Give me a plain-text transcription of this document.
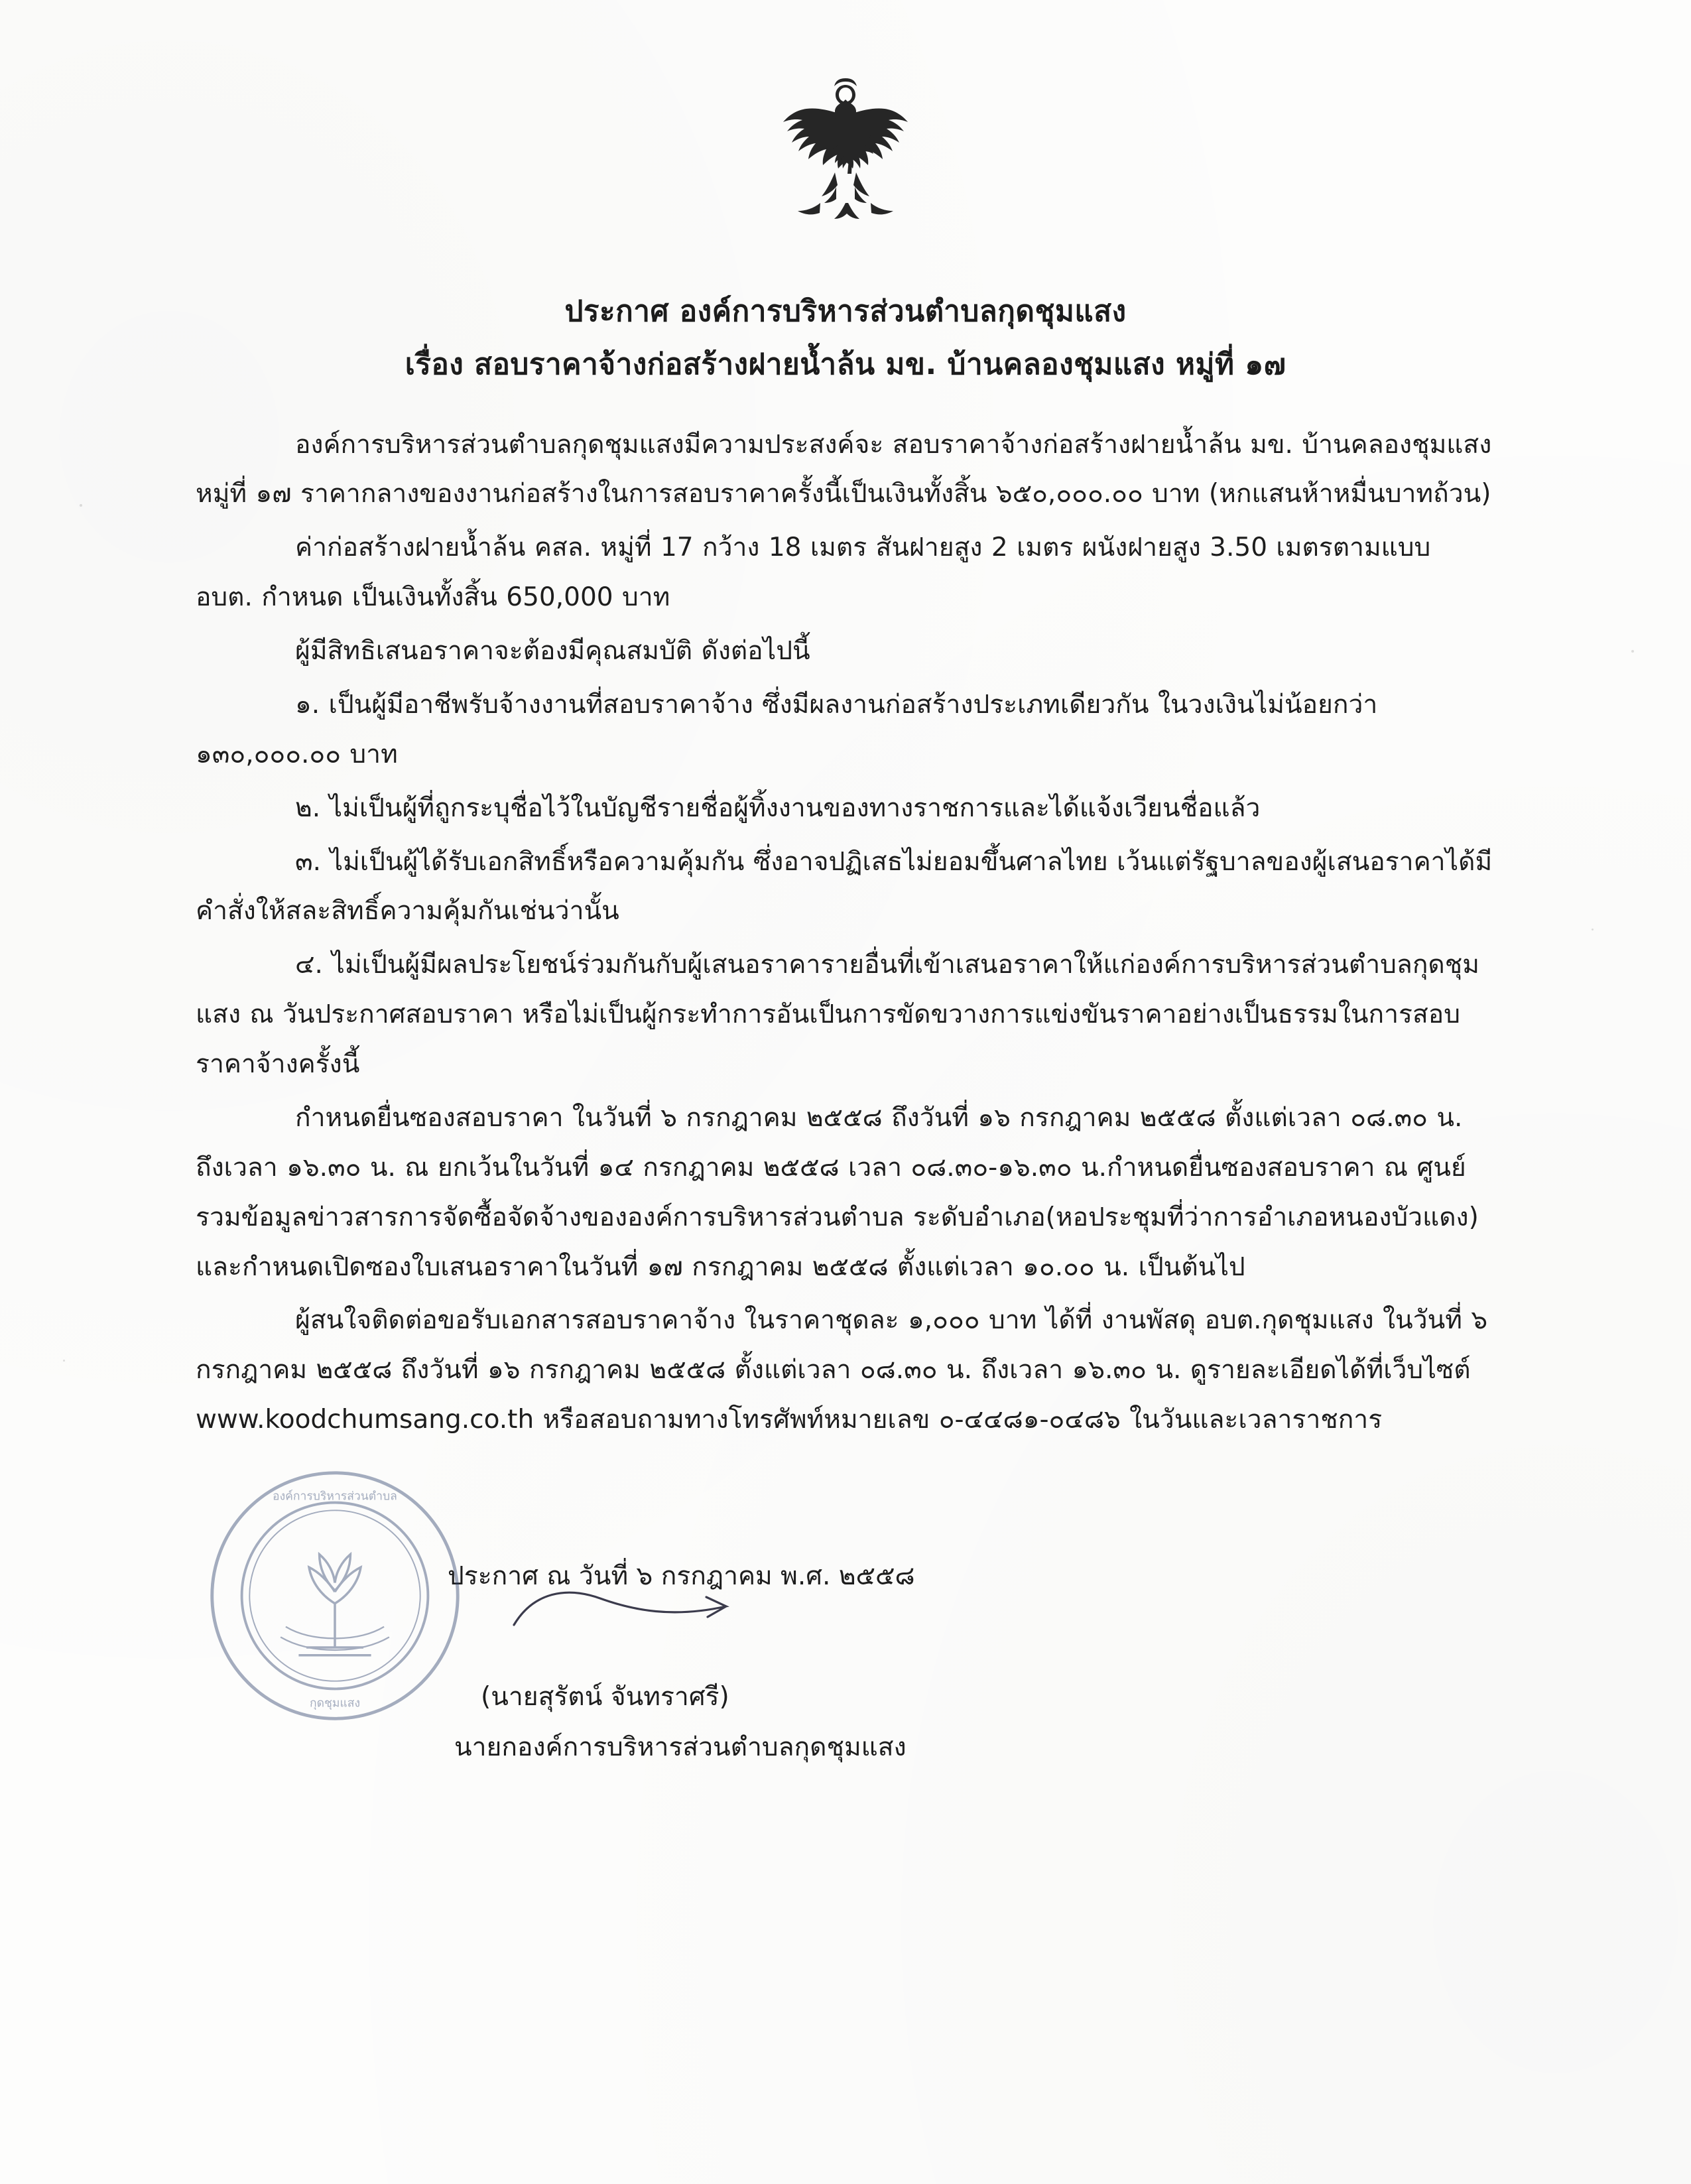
ประกาศ องค์การบริหารส่วนตำบลกุดชุมแสง
เรื่อง สอบราคาจ้างก่อสร้างฝายน้ำล้น มข. บ้านคลองชุมแสง หมู่ที่ ๑๗

องค์การบริหารส่วนตำบลกุดชุมแสงมีความประสงค์จะ สอบราคาจ้างก่อสร้างฝายน้ำล้น มข. บ้านคลองชุมแสง หมู่ที่ ๑๗ ราคากลางของงานก่อสร้างในการสอบราคาครั้งนี้เป็นเงินทั้งสิ้น ๖๕๐,๐๐๐.๐๐ บาท (หกแสนห้าหมื่นบาทถ้วน)

ค่าก่อสร้างฝายน้ำล้น คสล. หมู่ที่ 17 กว้าง 18 เมตร สันฝายสูง 2 เมตร ผนังฝายสูง 3.50 เมตรตามแบบ อบต. กำหนด เป็นเงินทั้งสิ้น 650,000 บาท

ผู้มีสิทธิเสนอราคาจะต้องมีคุณสมบัติ ดังต่อไปนี้

๑. เป็นผู้มีอาชีพรับจ้างงานที่สอบราคาจ้าง ซึ่งมีผลงานก่อสร้างประเภทเดียวกัน ในวงเงินไม่น้อยกว่า ๑๓๐,๐๐๐.๐๐ บาท

๒. ไม่เป็นผู้ที่ถูกระบุชื่อไว้ในบัญชีรายชื่อผู้ทิ้งงานของทางราชการและได้แจ้งเวียนชื่อแล้ว

๓. ไม่เป็นผู้ได้รับเอกสิทธิ์หรือความคุ้มกัน ซึ่งอาจปฏิเสธไม่ยอมขึ้นศาลไทย เว้นแต่รัฐบาลของผู้เสนอราคาได้มีคำสั่งให้สละสิทธิ์ความคุ้มกันเช่นว่านั้น

๔. ไม่เป็นผู้มีผลประโยชน์ร่วมกันกับผู้เสนอราคารายอื่นที่เข้าเสนอราคาให้แก่องค์การบริหารส่วนตำบลกุดชุมแสง ณ วันประกาศสอบราคา หรือไม่เป็นผู้กระทำการอันเป็นการขัดขวางการแข่งขันราคาอย่างเป็นธรรมในการสอบราคาจ้างครั้งนี้

กำหนดยื่นซองสอบราคา ในวันที่ ๖ กรกฎาคม ๒๕๕๘ ถึงวันที่ ๑๖ กรกฎาคม ๒๕๕๘ ตั้งแต่เวลา ๐๘.๓๐ น. ถึงเวลา ๑๖.๓๐ น. ณ ยกเว้นในวันที่ ๑๔ กรกฎาคม ๒๕๕๘ เวลา ๐๘.๓๐-๑๖.๓๐ น.กำหนดยื่นซองสอบราคา ณ ศูนย์รวมข้อมูลข่าวสารการจัดซื้อจัดจ้างขององค์การบริหารส่วนตำบล ระดับอำเภอ(หอประชุมที่ว่าการอำเภอหนองบัวแดง) และกำหนดเปิดซองใบเสนอราคาในวันที่ ๑๗ กรกฎาคม ๒๕๕๘ ตั้งแต่เวลา ๑๐.๐๐ น. เป็นต้นไป

ผู้สนใจติดต่อขอรับเอกสารสอบราคาจ้าง ในราคาชุดละ ๑,๐๐๐ บาท ได้ที่ งานพัสดุ อบต.กุดชุมแสง ในวันที่ ๖ กรกฎาคม ๒๕๕๘ ถึงวันที่ ๑๖ กรกฎาคม ๒๕๕๘ ตั้งแต่เวลา ๐๘.๓๐ น. ถึงเวลา ๑๖.๓๐ น. ดูรายละเอียดได้ที่เว็บไซต์ www.koodchumsang.co.th หรือสอบถามทางโทรศัพท์หมายเลข ๐-๔๔๘๑-๐๔๘๖ ในวันและเวลาราชการ

องค์การบริหารส่วนตำบล
กุดชุมแสง
ประกาศ ณ วันที่ ๖ กรกฎาคม พ.ศ. ๒๕๕๘
(นายสุรัตน์ จันทราศรี)
นายกองค์การบริหารส่วนตำบลกุดชุมแสง
